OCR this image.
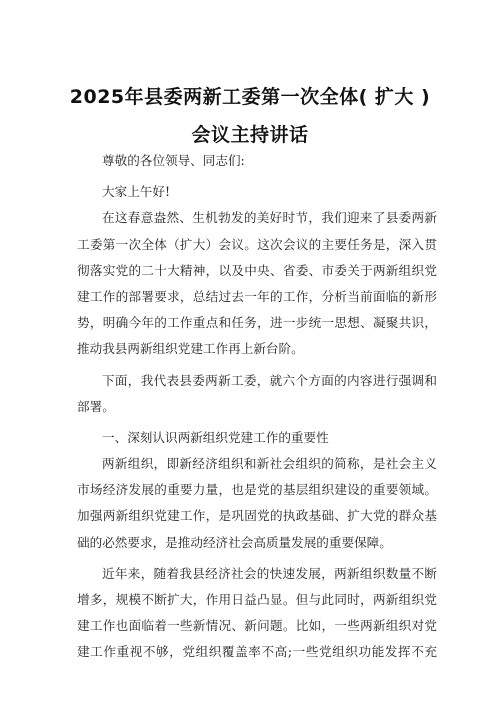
2025年县委两新工委第一次全体( 扩大 )
会议主持讲话
尊敬的各位领导、同志们:
大家上午好!
在这春意盎然、生机勃发的美好时节，我们迎来了县委两新
工委第一次全体（扩大）会议。这次会议的主要任务是，深入贯
彻落实党的二十大精神，以及中央、省委、市委关于两新组织党
建工作的部署要求，总结过去一年的工作，分析当前面临的新形
势，明确今年的工作重点和任务，进一步统一思想、凝聚共识，
推动我县两新组织党建工作再上新台阶。
下面，我代表县委两新工委，就六个方面的内容进行强调和
部署。
一、深刻认识两新组织党建工作的重要性
两新组织，即新经济组织和新社会组织的简称，是社会主义
市场经济发展的重要力量，也是党的基层组织建设的重要领域。
加强两新组织党建工作，是巩固党的执政基础、扩大党的群众基
础的必然要求，是推动经济社会高质量发展的重要保障。
近年来，随着我县经济社会的快速发展，两新组织数量不断
增多，规模不断扩大，作用日益凸显。但与此同时，两新组织党
建工作也面临着一些新情况、新问题。比如，一些两新组织对党
建工作重视不够，党组织覆盖率不高;一些党组织功能发挥不充
